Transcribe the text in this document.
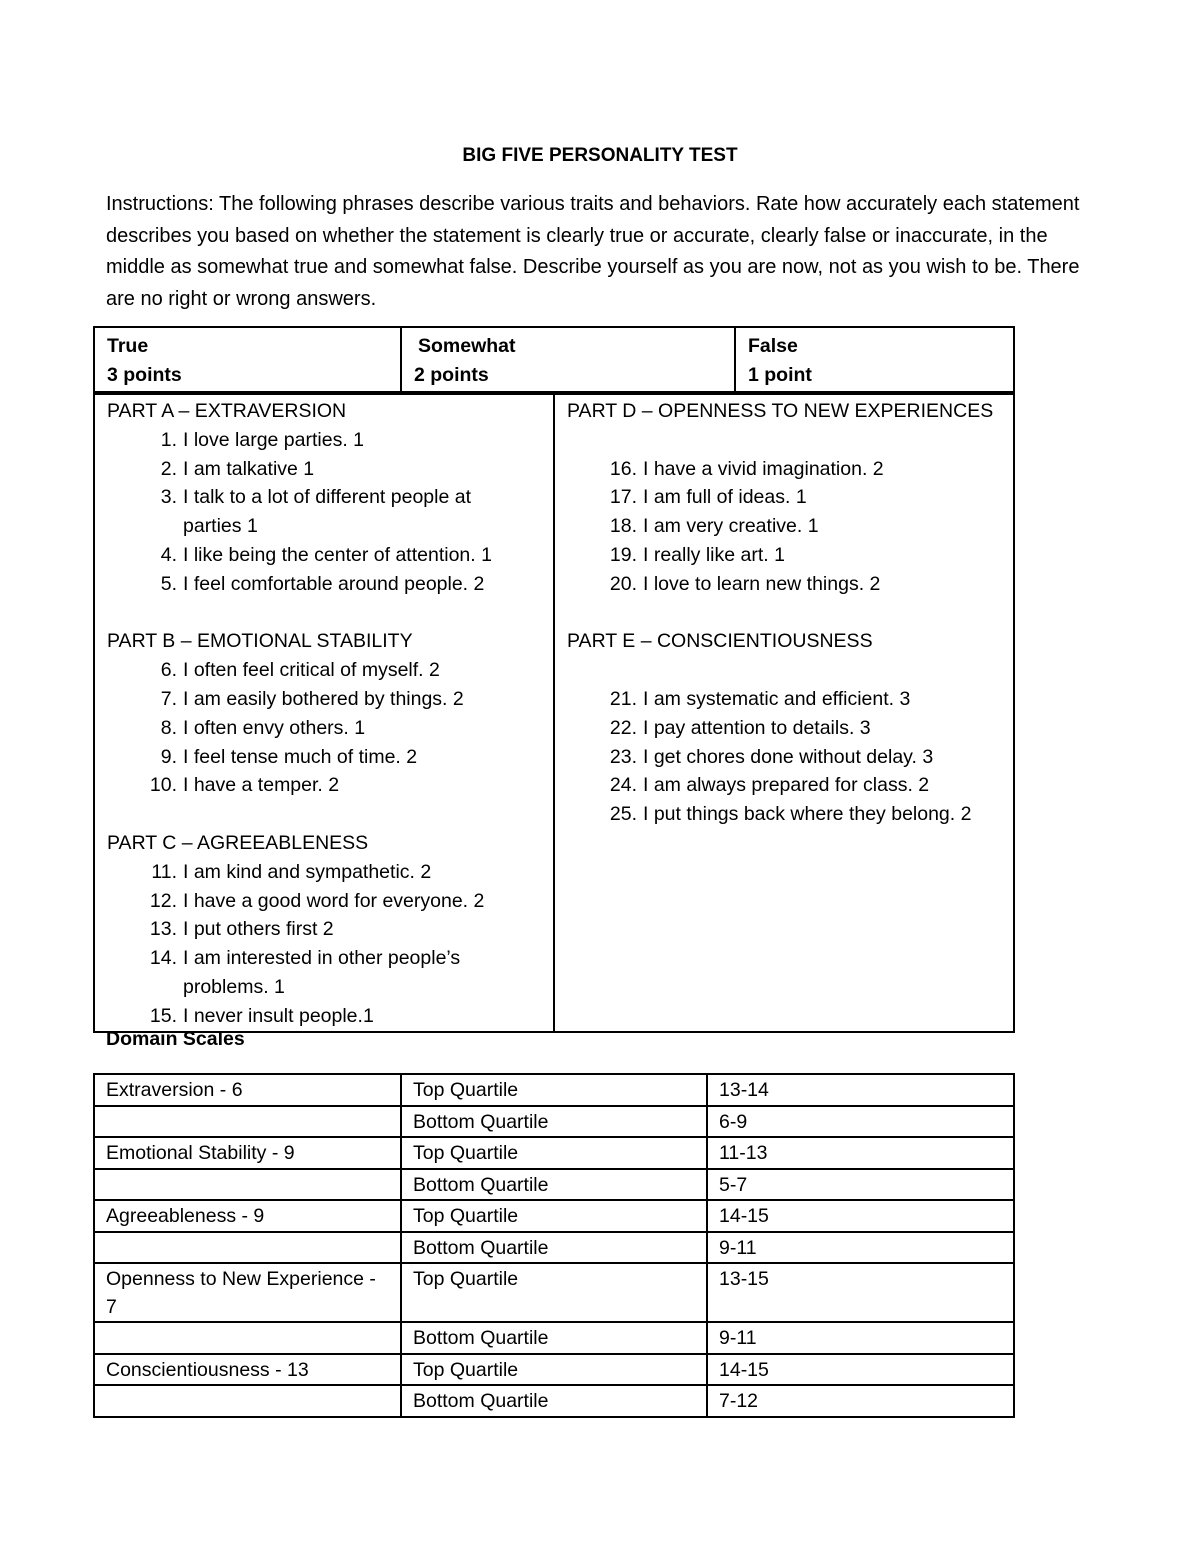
BIG FIVE PERSONALITY TEST

Instructions: The following phrases describe various traits and behaviors. Rate how accurately each statement describes you based on whether the statement is clearly true or accurate, clearly false or inaccurate, in the middle as somewhat true and somewhat false. Describe yourself as you are now, not as you wish to be. There are no right or wrong answers.

True
3 points

Somewhat
2 points

False
1 point
PART A – EXTRAVERSION
1. I love large parties. 1
2. I am talkative 1
3. I talk to a lot of different people at parties 1
4. I like being the center of attention. 1
5. I feel comfortable around people. 2
PART B – EMOTIONAL STABILITY
6. I often feel critical of myself. 2
7. I am easily bothered by things. 2
8. I often envy others. 1
9. I feel tense much of time. 2
10. I have a temper. 2
PART C – AGREEABLENESS
11. I am kind and sympathetic. 2
12. I have a good word for everyone. 2
13. I put others first 2
14. I am interested in other people’s problems. 1
15. I never insult people.1

PART D – OPENNESS TO NEW EXPERIENCES
16. I have a vivid imagination. 2
17. I am full of ideas. 1
18. I am very creative. 1
19. I really like art. 1
20. I love to learn new things. 2
PART E – CONSCIENTIOUSNESS
21. I am systematic and efficient. 3
22. I pay attention to details. 3
23. I get chores done without delay. 3
24. I am always prepared for class. 2
25. I put things back where they belong. 2
Domain Scales
Extraversion - 6	Top Quartile	13-14
	Bottom Quartile	6-9
Emotional Stability - 9	Top Quartile	11-13
	Bottom Quartile	5-7
Agreeableness - 9	Top Quartile	14-15
	Bottom Quartile	9-11
Openness to New Experience - 7	Top Quartile	13-15
	Bottom Quartile	9-11
Conscientiousness - 13	Top Quartile	14-15
	Bottom Quartile	7-12
